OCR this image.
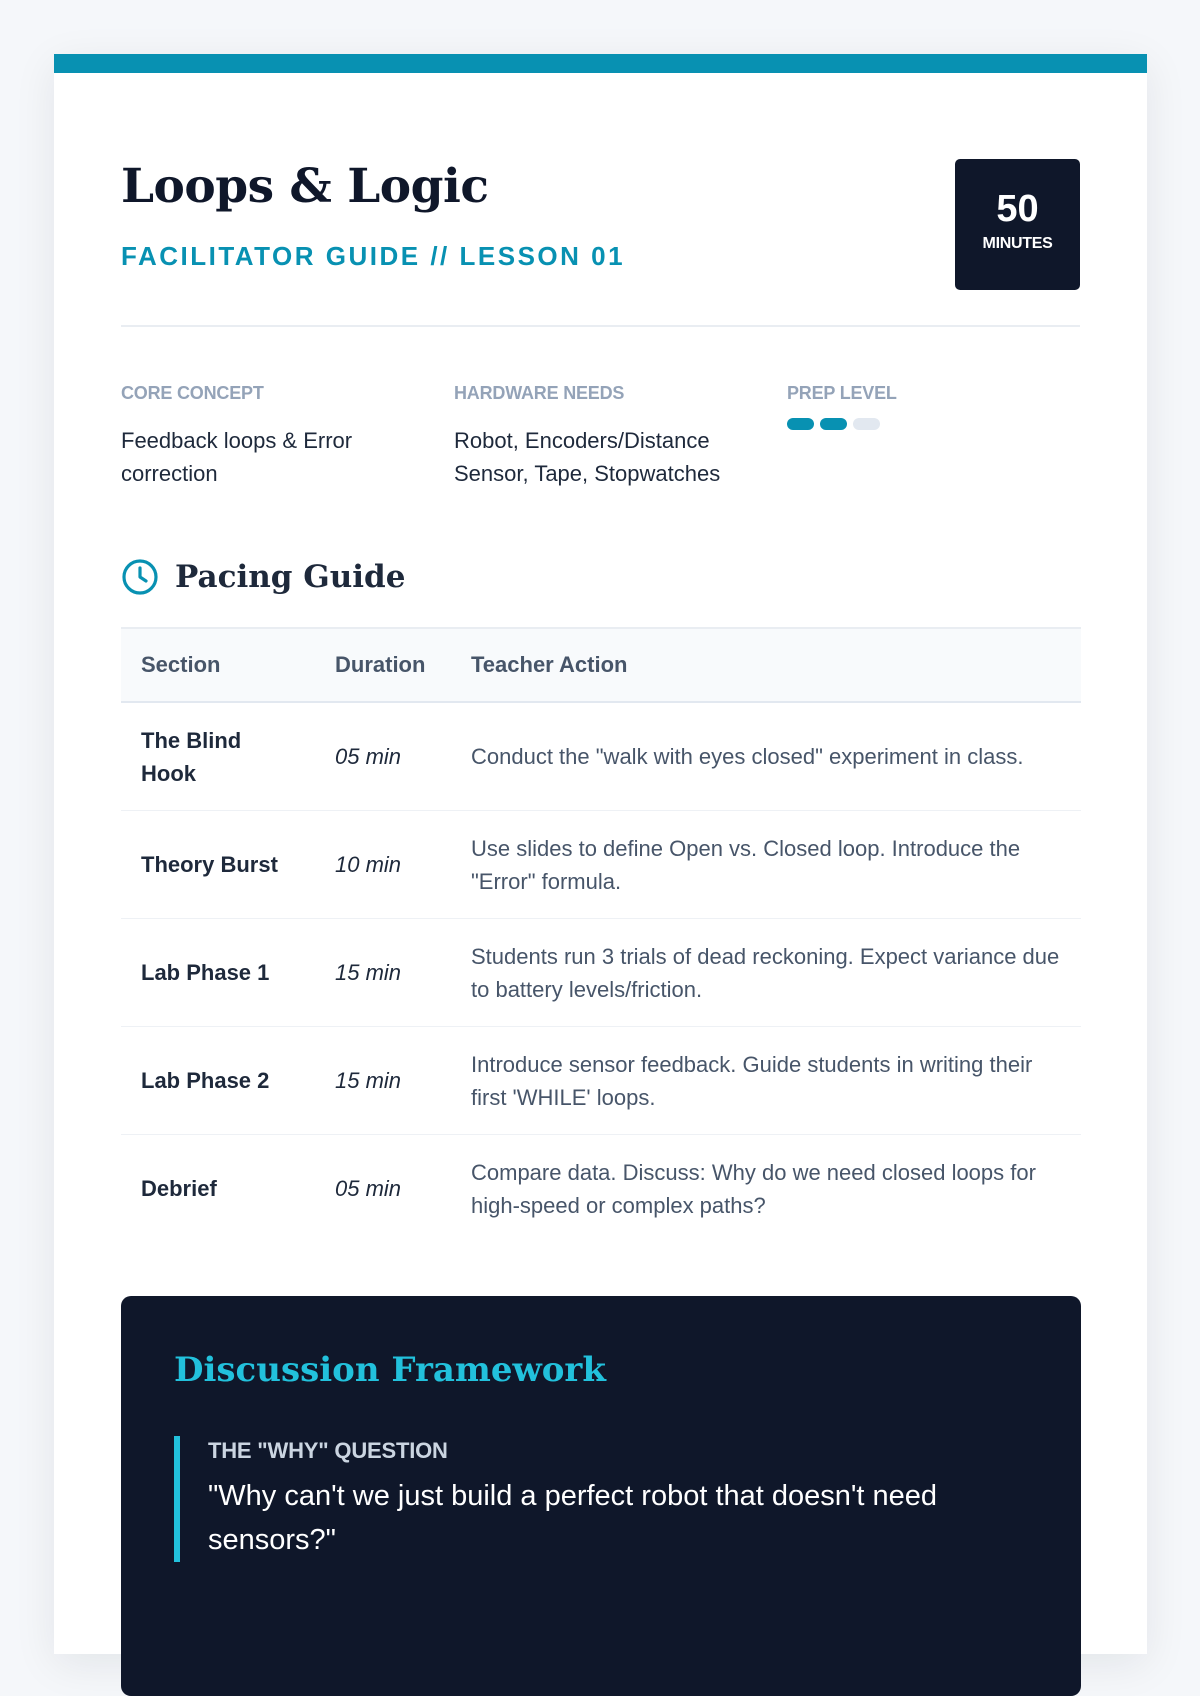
Loops & Logic
FACILITATOR GUIDE // LESSON 01
50
MINUTES
CORE CONCEPT
Feedback loops & Error correction
HARDWARE NEEDS
Robot, Encoders/Distance Sensor, Tape, Stopwatches
PREP LEVEL
Pacing Guide
Section	Duration	Teacher Action
The Blind Hook	05 min	Conduct the "walk with eyes closed" experiment in class.
Theory Burst	10 min	Use slides to define Open vs. Closed loop. Introduce the "Error" formula.
Lab Phase 1	15 min	Students run 3 trials of dead reckoning. Expect variance due to battery levels/friction.
Lab Phase 2	15 min	Introduce sensor feedback. Guide students in writing their first 'WHILE' loops.
Debrief	05 min	Compare data. Discuss: Why do we need closed loops for high-speed or complex paths?
Discussion Framework
THE "WHY" QUESTION
"Why can't we just build a perfect robot that doesn't need sensors?"
